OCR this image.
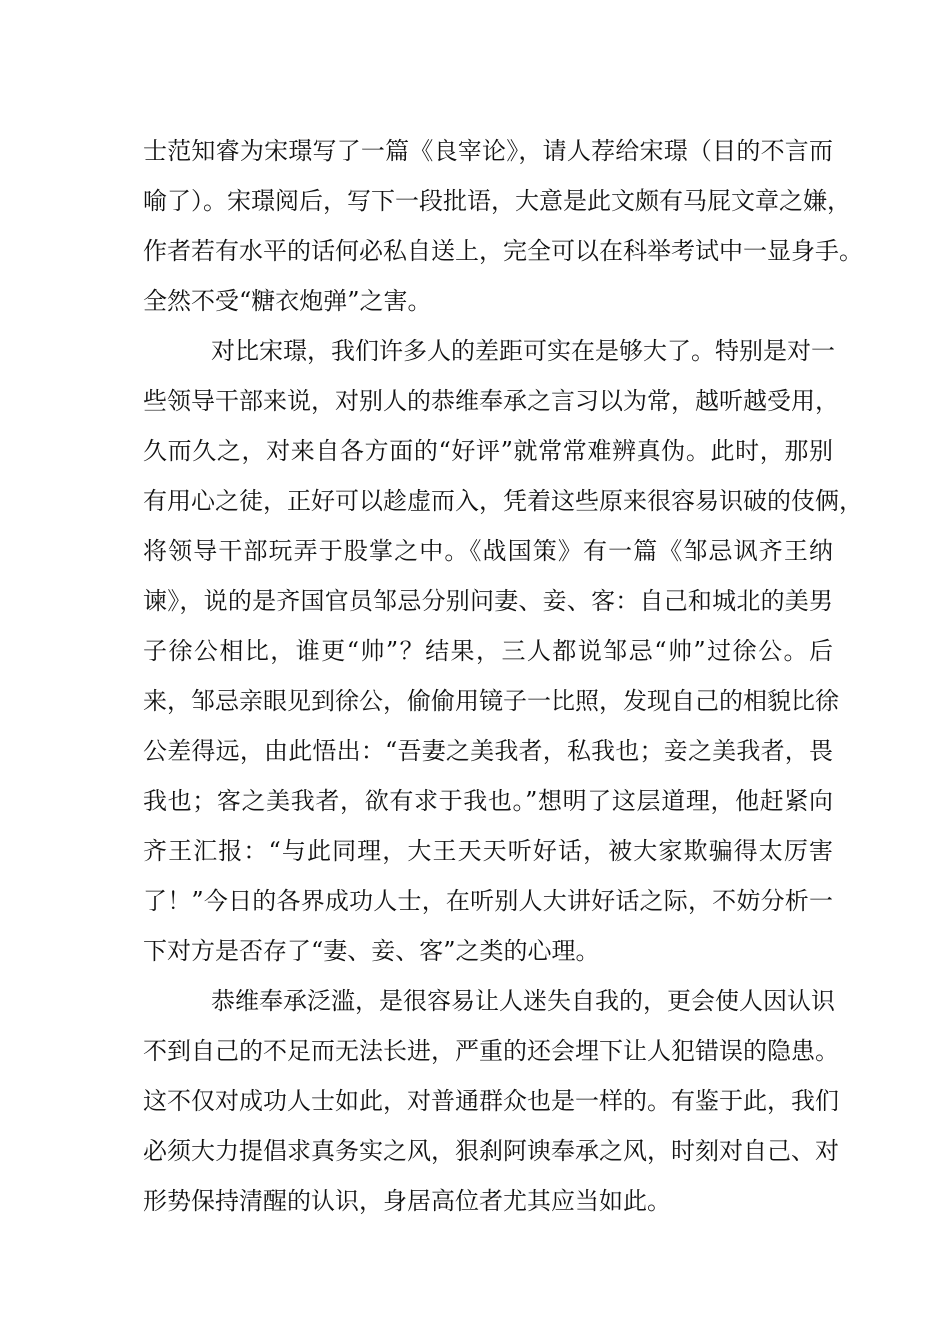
士范知睿为宋璟写了一篇《良宰论》，请人荐给宋璟（目的不言而
喻了）。宋璟阅后，写下一段批语，大意是此文颇有马屁文章之嫌，
作者若有水平的话何必私自送上，完全可以在科举考试中一显身手。
全然不受“糖衣炮弹”之害。
对比宋璟，我们许多人的差距可实在是够大了。特别是对一
些领导干部来说，对别人的恭维奉承之言习以为常，越听越受用，
久而久之，对来自各方面的“好评”就常常难辨真伪。此时，那别
有用心之徒，正好可以趁虚而入，凭着这些原来很容易识破的伎俩，
将领导干部玩弄于股掌之中。《战国策》有一篇《邹忌讽齐王纳
谏》，说的是齐国官员邹忌分别问妻、妾、客：自己和城北的美男
子徐公相比，谁更“帅”？结果，三人都说邹忌“帅”过徐公。后
来，邹忌亲眼见到徐公，偷偷用镜子一比照，发现自己的相貌比徐
公差得远，由此悟出：“吾妻之美我者，私我也；妾之美我者，畏
我也；客之美我者，欲有求于我也。”想明了这层道理，他赶紧向
齐王汇报：“与此同理，大王天天听好话，被大家欺骗得太厉害
了！”今日的各界成功人士，在听别人大讲好话之际，不妨分析一
下对方是否存了“妻、妾、客”之类的心理。
恭维奉承泛滥，是很容易让人迷失自我的，更会使人因认识
不到自己的不足而无法长进，严重的还会埋下让人犯错误的隐患。
这不仅对成功人士如此，对普通群众也是一样的。有鉴于此，我们
必须大力提倡求真务实之风，狠刹阿谀奉承之风，时刻对自己、对
形势保持清醒的认识，身居高位者尤其应当如此。
